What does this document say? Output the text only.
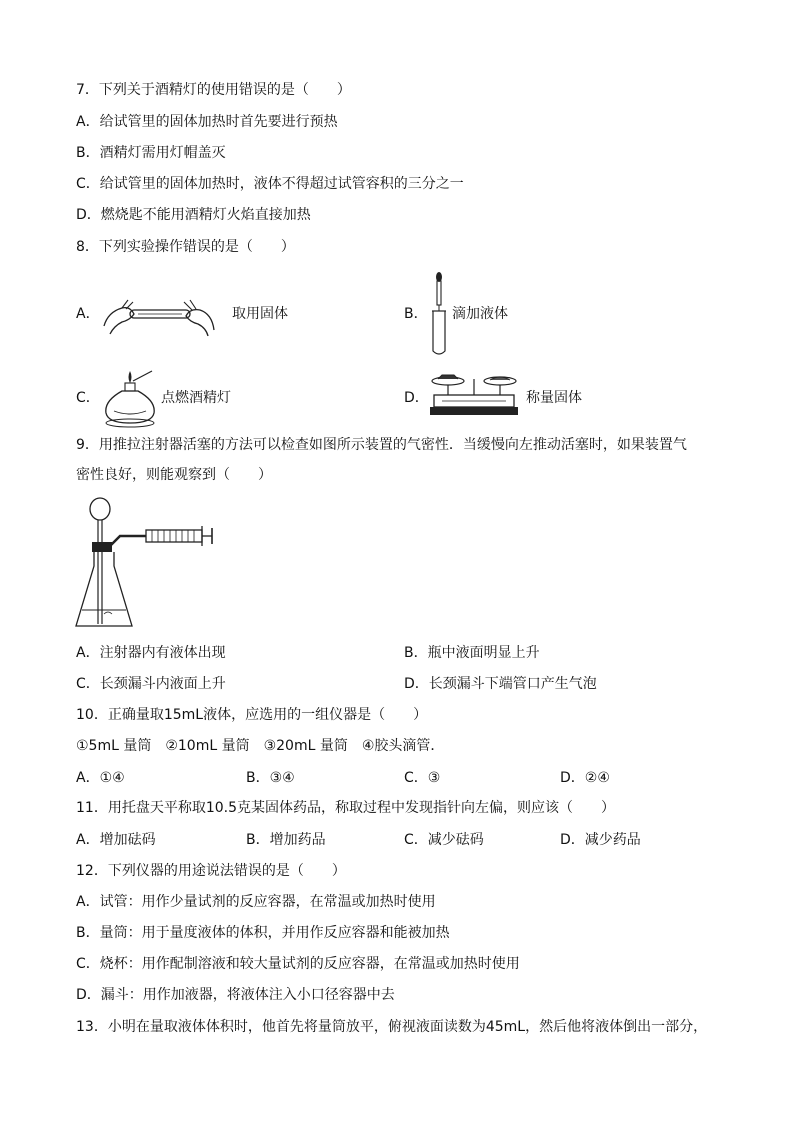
7．下列关于酒精灯的使用错误的是（　　）
A．给试管里的固体加热时首先要进行预热
B．酒精灯需用灯帽盖灭
C．给试管里的固体加热时，液体不得超过试管容积的三分之一
D．燃烧匙不能用酒精灯火焰直接加热
8．下列实验操作错误的是（　　）
A．	取用固体	B． 滴加液体
C．	点燃酒精灯	D．	称量固体
9．用推拉注射器活塞的方法可以检查如图所示装置的气密性．当缓慢向左推动活塞时，如果装置气
密性良好，则能观察到（　　）
A．注射器内有液体出现	B．瓶中液面明显上升
C．长颈漏斗内液面上升	D．长颈漏斗下端管口产生气泡
10．正确量取15mL液体，应选用的一组仪器是（　　）
①5mL 量筒　②10mL 量筒　③20mL 量筒　④胶头滴管．
A．①④	B．③④	C．③	D．②④
11．用托盘天平称取10.5克某固体药品，称取过程中发现指针向左偏，则应该（　　）
A．增加砝码	B．增加药品	C．减少砝码	D．减少药品
12．下列仪器的用途说法错误的是（　　）
A．试管：用作少量试剂的反应容器，在常温或加热时使用
B．量筒：用于量度液体的体积，并用作反应容器和能被加热
C．烧杯：用作配制溶液和较大量试剂的反应容器，在常温或加热时使用
D．漏斗：用作加液器，将液体注入小口径容器中去
13．小明在量取液体体积时，他首先将量筒放平，俯视液面读数为45mL，然后他将液体倒出一部分，
